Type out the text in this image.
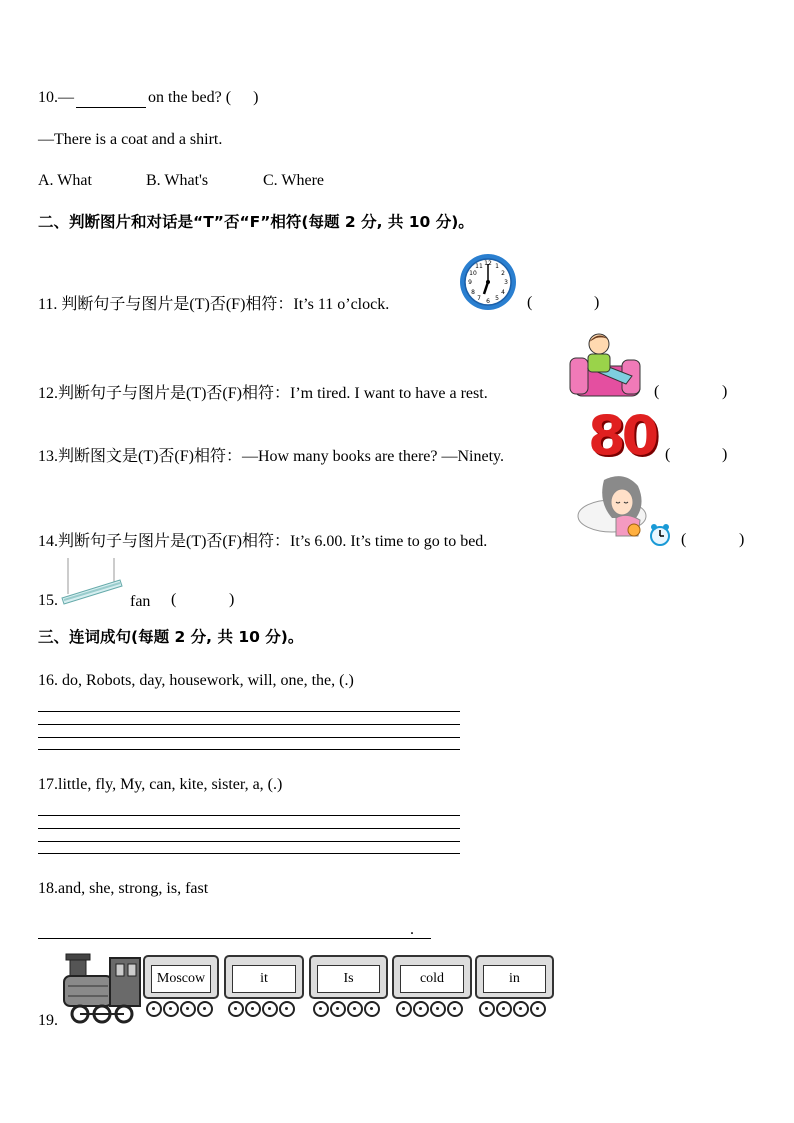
10.—	on the bed? ( )
—There is a coat and a shirt.
A. What	B. What's	C. Where
二、判断图片和对话是“T”否“F”相符(每题 2 分, 共 10 分)。
11. 判断句子与图片是(T)否(F)相符：It’s 11 o’clock.
12
3
6
9
1
2
4
5
7
8
10
11
(	)
12.判断句子与图片是(T)否(F)相符：I’m tired. I want to have a rest.	(	)
13.判断图文是(T)否(F)相符：—How many books are there? —Ninety. 80 (	)
14.判断句子与图片是(T)否(F)相符：It’s 6.00. It’s time to go to bed.	(	)
15.	fan (	)
三、连词成句(每题 2 分, 共 10 分)。
16. do, Robots, day, housework, will, one, the, (.)
17.little, fly, My, can, kite, sister, a, (.)
18.and, she, strong, is, fast
.
19.
Moscow	it	Is	cold	in
